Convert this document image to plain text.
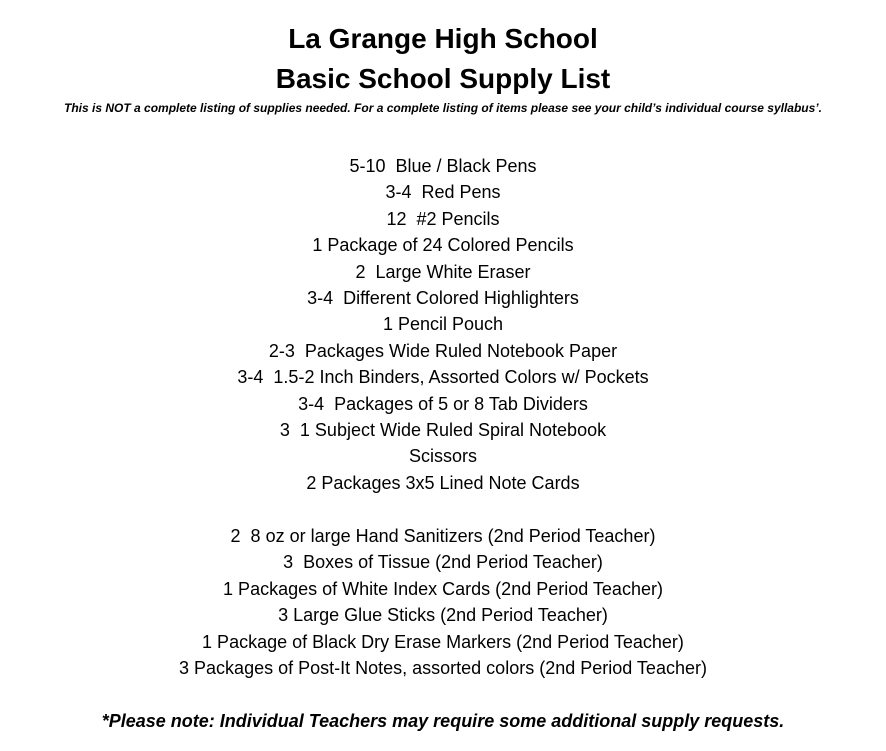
La Grange High School
Basic School Supply List
This is NOT a complete listing of supplies needed. For a complete listing of items please see your child’s individual course syllabus’.
5-10  Blue / Black Pens
3-4  Red Pens
12  #2 Pencils
1 Package of 24 Colored Pencils
2  Large White Eraser
3-4  Different Colored Highlighters
1 Pencil Pouch
2-3  Packages Wide Ruled Notebook Paper
3-4  1.5-2 Inch Binders, Assorted Colors w/ Pockets
3-4  Packages of 5 or 8 Tab Dividers
3  1 Subject Wide Ruled Spiral Notebook
Scissors
2 Packages 3x5 Lined Note Cards
2  8 oz or large Hand Sanitizers (2nd Period Teacher)
3  Boxes of Tissue (2nd Period Teacher)
1 Packages of White Index Cards (2nd Period Teacher)
3 Large Glue Sticks (2nd Period Teacher)
1 Package of Black Dry Erase Markers (2nd Period Teacher)
3 Packages of Post-It Notes, assorted colors (2nd Period Teacher)
*Please note: Individual Teachers may require some additional supply requests.
